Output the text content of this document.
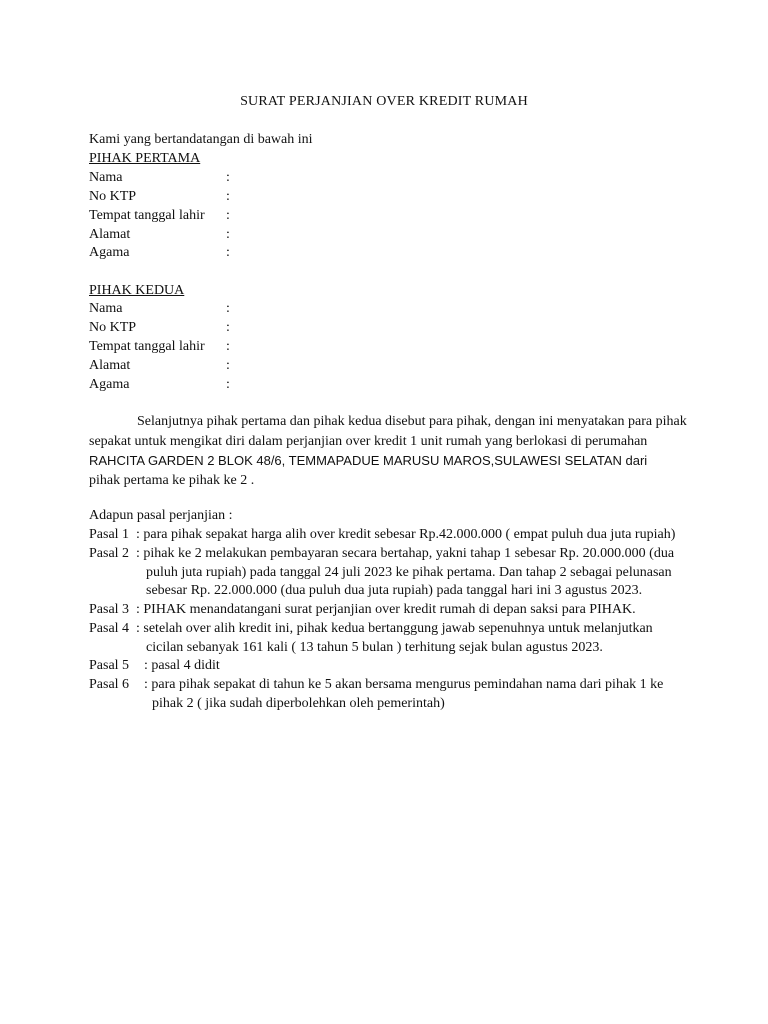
SURAT PERJANJIAN OVER KREDIT RUMAH
Kami yang bertandatangan di bawah ini
PIHAK PERTAMA
Nama	:
No KTP	:
Tempat tanggal lahir :
Alamat	:
Agama	:
PIHAK KEDUA
Nama	:
No KTP	:
Tempat tanggal lahir :
Alamat	:
Agama	:
Selanjutnya pihak pertama dan pihak kedua disebut para pihak, dengan ini menyatakan para pihak
sepakat untuk mengikat diri dalam perjanjian over kredit 1 unit rumah yang berlokasi di perumahan
RAHCITA GARDEN 2 BLOK 48/6, TEMMAPADUE MARUSU MAROS,SULAWESI SELATAN dari
pihak pertama ke pihak ke 2 .
Adapun pasal perjanjian :
Pasal 1 : para pihak sepakat harga alih over kredit sebesar Rp.42.000.000 ( empat puluh dua juta rupiah)
Pasal 2 : pihak ke 2 melakukan pembayaran secara bertahap, yakni tahap 1 sebesar Rp. 20.000.000 (dua
puluh juta rupiah) pada tanggal 24 juli 2023 ke pihak pertama. Dan tahap 2 sebagai pelunasan
sebesar Rp. 22.000.000 (dua puluh dua juta rupiah) pada tanggal hari ini 3 agustus 2023.
Pasal 3 : PIHAK menandatangani surat perjanjian over kredit rumah di depan saksi para PIHAK.
Pasal 4 : setelah over alih kredit ini, pihak kedua bertanggung jawab sepenuhnya untuk melanjutkan
cicilan sebanyak 161 kali ( 13 tahun 5 bulan ) terhitung sejak bulan agustus 2023.
Pasal 5 : pasal 4 didit
Pasal 6 : para pihak sepakat di tahun ke 5 akan bersama mengurus pemindahan nama dari pihak 1 ke
pihak 2 ( jika sudah diperbolehkan oleh pemerintah)
